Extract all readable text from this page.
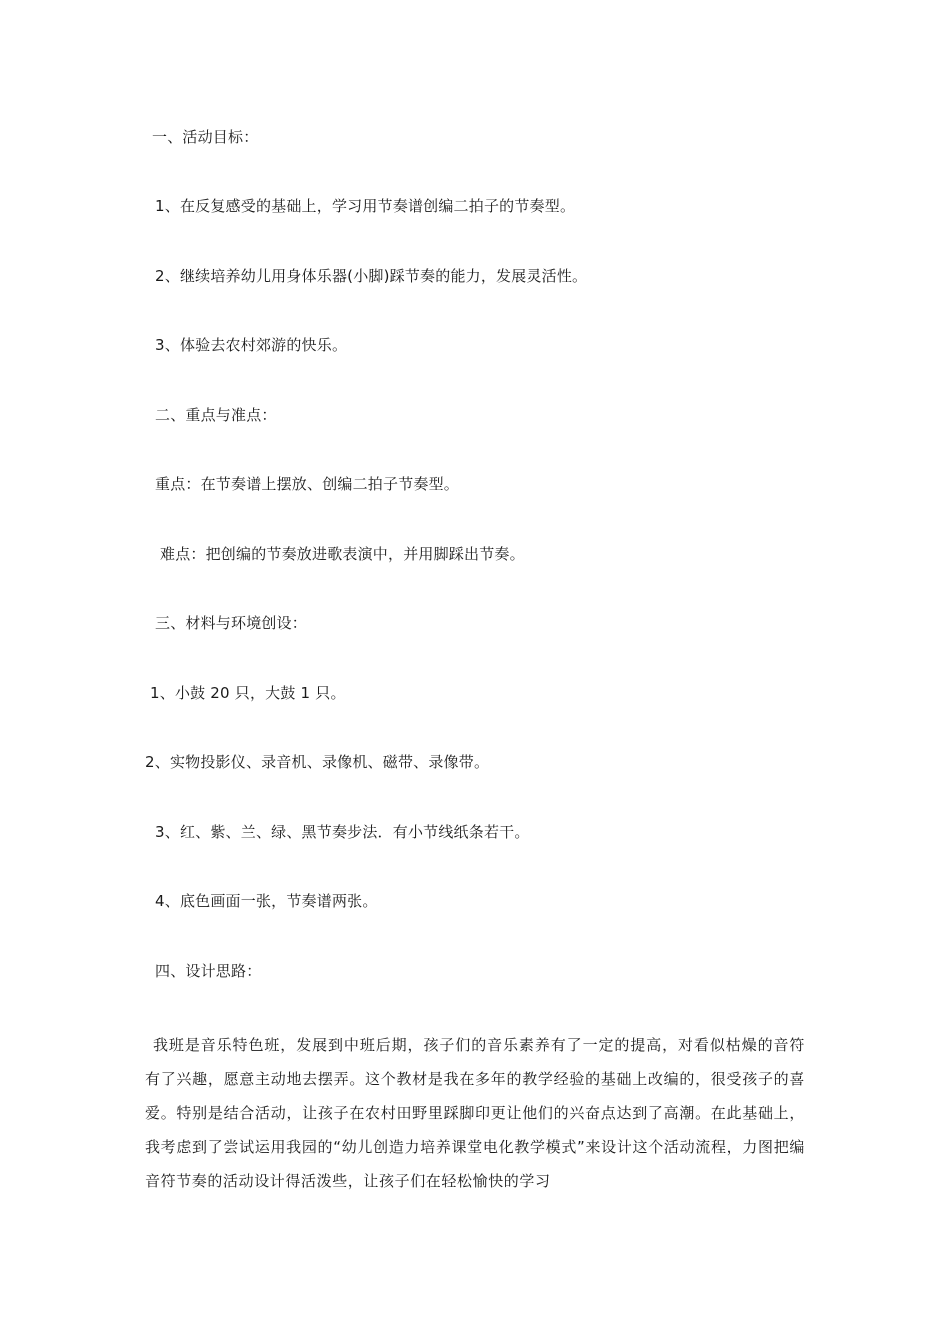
一、活动目标：
1、在反复感受的基础上，学习用节奏谱创编二拍子的节奏型。
2、继续培养幼儿用身体乐器(小脚)踩节奏的能力，发展灵活性。
3、体验去农村郊游的快乐。
二、重点与准点：
重点：在节奏谱上摆放、创编二拍子节奏型。
难点：把创编的节奏放进歌表演中，并用脚踩出节奏。
三、材料与环境创设：
1、小鼓 20 只，大鼓 1 只。
2、实物投影仪、录音机、录像机、磁带、录像带。
3、红、紫、兰、绿、黑节奏步法．有小节线纸条若干。
4、底色画面一张，节奏谱两张。
四、设计思路：
我班是音乐特色班，发展到中班后期，孩子们的音乐素养有了一定的提高，对看似枯燥的音符有了兴趣，愿意主动地去摆弄。这个教材是我在多年的教学经验的基础上改编的，很受孩子的喜爱。特别是结合活动，让孩子在农村田野里踩脚印更让他们的兴奋点达到了高潮。在此基础上，我考虑到了尝试运用我园的“幼儿创造力培养课堂电化教学模式”来设计这个活动流程，力图把编音符节奏的活动设计得活泼些，让孩子们在轻松愉快的学习
